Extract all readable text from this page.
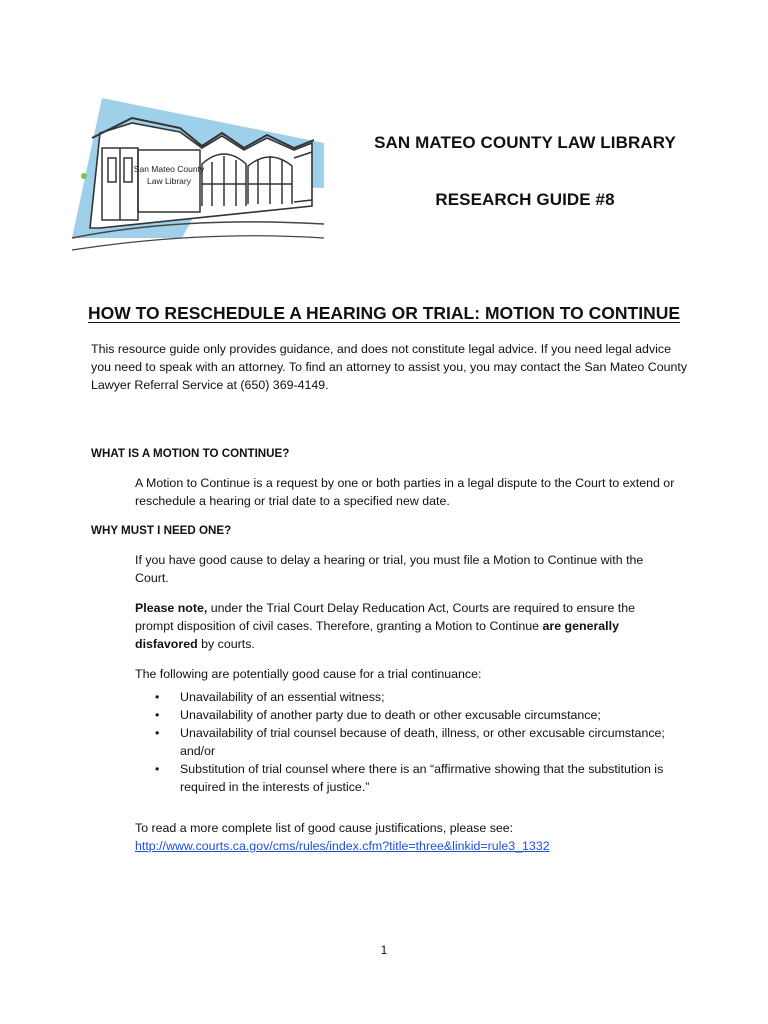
San Mateo County
Law Library
SAN MATEO COUNTY LAW LIBRARY
RESEARCH GUIDE #8
HOW TO RESCHEDULE A HEARING OR TRIAL: MOTION TO CONTINUE

This resource guide only provides guidance, and does not constitute legal advice. If you need legal advice you need to speak with an attorney. To find an attorney to assist you, you may contact the San Mateo County Lawyer Referral Service at (650) 369-4149.

WHAT IS A MOTION TO CONTINUE?

A Motion to Continue is a request by one or both parties in a legal dispute to the Court to extend or reschedule a hearing or trial date to a specified new date.

WHY MUST I NEED ONE?

If you have good cause to delay a hearing or trial, you must file a Motion to Continue with the Court.

Please note, under the Trial Court Delay Reducation Act, Courts are required to ensure the prompt disposition of civil cases. Therefore, granting a Motion to Continue are generally disfavored by courts.

The following are potentially good cause for a trial continuance:

• Unavailability of an essential witness;
• Unavailability of another party due to death or other excusable circumstance;
• Unavailability of trial counsel because of death, illness, or other excusable circumstance; and/or
• Substitution of trial counsel where there is an “affirmative showing that the substitution is required in the interests of justice.”
To read a more complete list of good cause justifications, please see:
http://www.courts.ca.gov/cms/rules/index.cfm?title=three&linkid=rule3_1332
1
